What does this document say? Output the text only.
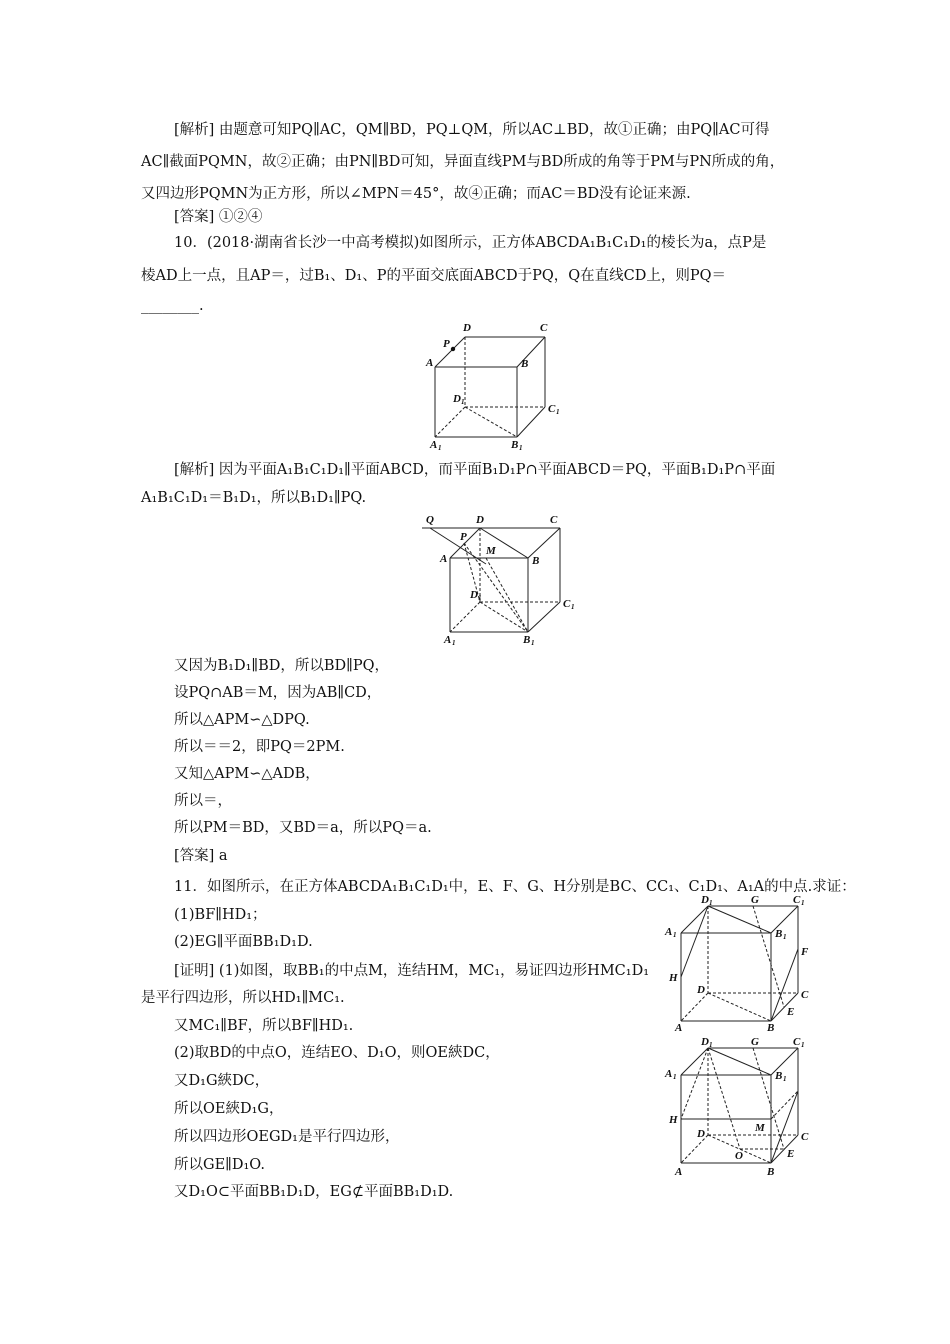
[解析] 由题意可知PQ∥AC，QM∥BD，PQ⊥QM，所以AC⊥BD，故①正确；由PQ∥AC可得
AC∥截面PQMN，故②正确；由PN∥BD可知，异面直线PM与BD所成的角等于PM与PN所成的角，
又四边形PQMN为正方形，所以∠MPN＝45°，故④正确；而AC＝BD没有论证来源.
[答案] ①②④
10．(2018·湖南省长沙一中高考模拟)如图所示，正方体ABCDA₁B₁C₁D₁的棱长为a，点P是
棱AD上一点，且AP＝，过B₁、D₁、P的平面交底面ABCD于PQ，Q在直线CD上，则PQ＝
________.
[解析] 因为平面A₁B₁C₁D₁∥平面ABCD，而平面B₁D₁P∩平面ABCD＝PQ，平面B₁D₁P∩平面
A₁B₁C₁D₁＝B₁D₁，所以B₁D₁∥PQ.
又因为B₁D₁∥BD，所以BD∥PQ，
设PQ∩AB＝M，因为AB∥CD，
所以△APM∽△DPQ.
所以＝＝2，即PQ＝2PM.
又知△APM∽△ADB，
所以＝，
所以PM＝BD，又BD＝a，所以PQ＝a.
[答案] a
11．如图所示，在正方体ABCDA₁B₁C₁D₁中，E、F、G、H分别是BC、CC₁、C₁D₁、A₁A的中点.求证：
(1)BF∥HD₁；
(2)EG∥平面BB₁D₁D.
[证明] (1)如图，取BB₁的中点M，连结HM，MC₁，易证四边形HMC₁D₁
是平行四边形，所以HD₁∥MC₁.
又MC₁∥BF，所以BF∥HD₁.
(2)取BD的中点O，连结EO、D₁O，则OE綊DC，
又D₁G綊DC，
所以OE綊D₁G，
所以四边形OEGD₁是平行四边形，
所以GE∥D₁O.
又D₁O⊂平面BB₁D₁D，EG⊄平面BB₁D₁D.
D	C
P
A	B
D 1
C 1
A 1	B 1
Q	D	C
P
M
A	B
D 1	C 1
A 1	B 1
D 1	G	C 1
A 1	B 1
F
H
D	C
E
A	B
D 1	G	C 1
A 1	B 1
H
M
D	C
O	E
A	B
